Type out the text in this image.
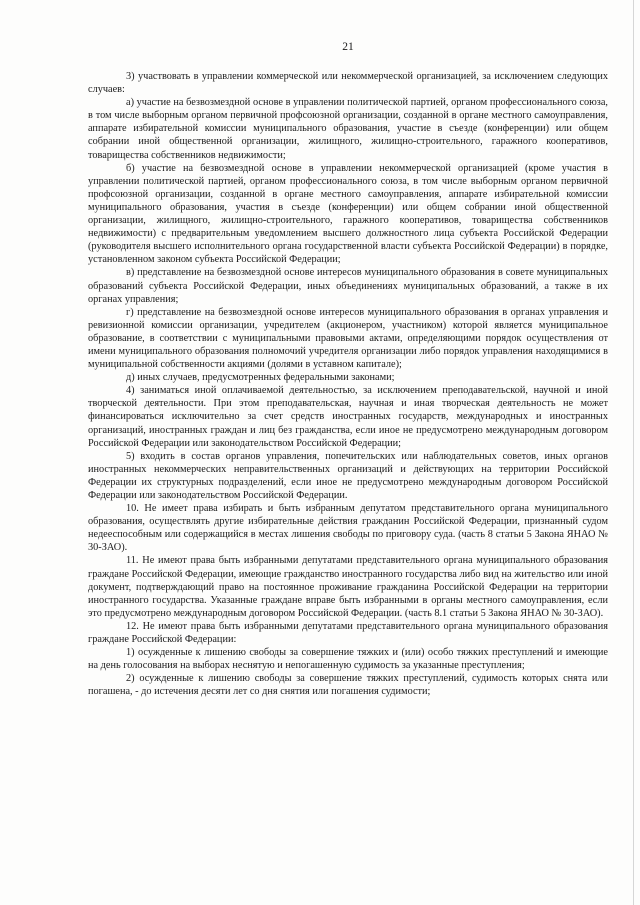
21

3) участвовать в управлении коммерческой или некоммерческой организацией, за исключением следующих случаев:

а) участие на безвозмездной основе в управлении политической партией, органом профессионального союза, в том числе выборным органом первичной профсоюзной организации, созданной в органе местного самоуправления, аппарате избирательной комиссии муниципального образования, участие в съезде (конференции) или общем собрании иной общественной организации, жилищного, жилищно-строительного, гаражного кооперативов, товарищества собственников недвижимости;

б) участие на безвозмездной основе в управлении некоммерческой организацией (кроме участия в управлении политической партией, органом профессионального союза, в том числе выборным органом первичной профсоюзной организации, созданной в органе местного самоуправления, аппарате избирательной комиссии муниципального образования, участия в съезде (конференции) или общем собрании иной общественной организации, жилищного, жилищно-строительного, гаражного кооперативов, товарищества собственников недвижимости) с предварительным уведомлением высшего должностного лица субъекта Российской Федерации (руководителя высшего исполнительного органа государственной власти субъекта Российской Федерации) в порядке, установленном законом субъекта Российской Федерации;

в) представление на безвозмездной основе интересов муниципального образования в совете муниципальных образований субъекта Российской Федерации, иных объединениях муниципальных образований, а также в их органах управления;

г) представление на безвозмездной основе интересов муниципального образования в органах управления и ревизионной комиссии организации, учредителем (акционером, участником) которой является муниципальное образование, в соответствии с муниципальными правовыми актами, определяющими порядок осуществления от имени муниципального образования полномочий учредителя организации либо порядок управления находящимися в муниципальной собственности акциями (долями в уставном капитале);

д) иных случаев, предусмотренных федеральными законами;

4) заниматься иной оплачиваемой деятельностью, за исключением преподавательской, научной и иной творческой деятельности. При этом преподавательская, научная и иная творческая деятельность не может финансироваться исключительно за счет средств иностранных государств, международных и иностранных организаций, иностранных граждан и лиц без гражданства, если иное не предусмотрено международным договором Российской Федерации или законодательством Российской Федерации;

5) входить в состав органов управления, попечительских или наблюдательных советов, иных органов иностранных некоммерческих неправительственных организаций и действующих на территории Российской Федерации их структурных подразделений, если иное не предусмотрено международным договором Российской Федерации или законодательством Российской Федерации.

10. Не имеет права избирать и быть избранным депутатом представительного органа муниципального образования, осуществлять другие избирательные действия гражданин Российской Федерации, признанный судом недееспособным или содержащийся в местах лишения свободы по приговору суда. (часть 8 статьи 5 Закона ЯНАО № 30-ЗАО).

11. Не имеют права быть избранными депутатами представительного органа муниципального образования граждане Российской Федерации, имеющие гражданство иностранного государства либо вид на жительство или иной документ, подтверждающий право на постоянное проживание гражданина Российской Федерации на территории иностранного государства. Указанные граждане вправе быть избранными в органы местного самоуправления, если это предусмотрено международным договором Российской Федерации. (часть 8.1 статьи 5 Закона ЯНАО № 30-ЗАО).

12. Не имеют права быть избранными депутатами представительного органа муниципального образования граждане Российской Федерации:

1) осужденные к лишению свободы за совершение тяжких и (или) особо тяжких преступлений и имеющие на день голосования на выборах неснятую и непогашенную судимость за указанные преступления;

2) осужденные к лишению свободы за совершение тяжких преступлений, судимость которых снята или погашена, - до истечения десяти лет со дня снятия или погашения судимости;
